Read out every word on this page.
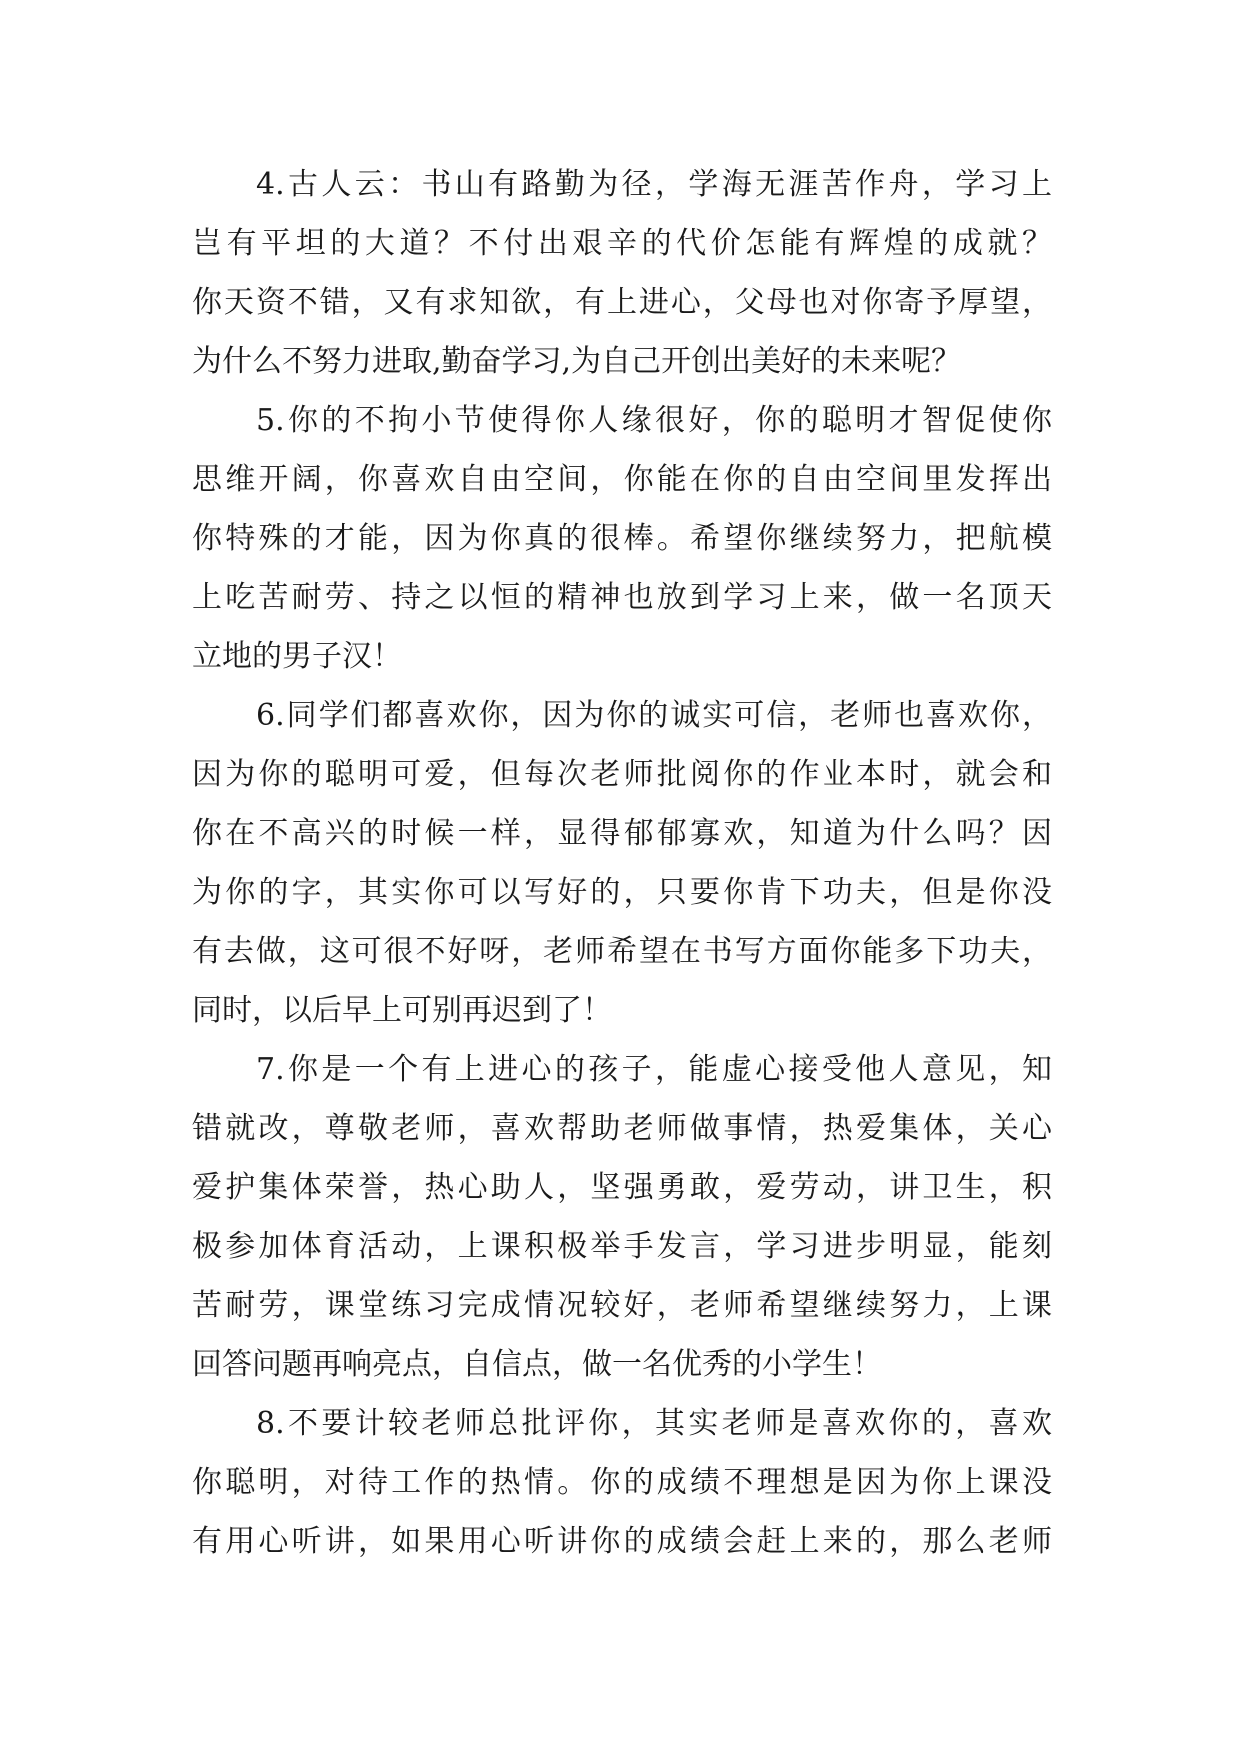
4.古人云：书山有路勤为径，学海无涯苦作舟，学习上
岂有平坦的大道？不付出艰辛的代价怎能有辉煌的成就？
你天资不错，又有求知欲，有上进心，父母也对你寄予厚望，
为什么不努力进取,勤奋学习,为自己开创出美好的未来呢？
5.你的不拘小节使得你人缘很好，你的聪明才智促使你
思维开阔，你喜欢自由空间，你能在你的自由空间里发挥出
你特殊的才能，因为你真的很棒。希望你继续努力，把航模
上吃苦耐劳、持之以恒的精神也放到学习上来，做一名顶天
立地的男子汉！
6.同学们都喜欢你，因为你的诚实可信，老师也喜欢你，
因为你的聪明可爱，但每次老师批阅你的作业本时，就会和
你在不高兴的时候一样，显得郁郁寡欢，知道为什么吗？因
为你的字，其实你可以写好的，只要你肯下功夫，但是你没
有去做，这可很不好呀，老师希望在书写方面你能多下功夫，
同时，以后早上可别再迟到了！
7.你是一个有上进心的孩子，能虚心接受他人意见，知
错就改，尊敬老师，喜欢帮助老师做事情，热爱集体，关心
爱护集体荣誉，热心助人，坚强勇敢，爱劳动，讲卫生，积
极参加体育活动，上课积极举手发言，学习进步明显，能刻
苦耐劳，课堂练习完成情况较好，老师希望继续努力，上课
回答问题再响亮点，自信点，做一名优秀的小学生！
8.不要计较老师总批评你，其实老师是喜欢你的，喜欢
你聪明，对待工作的热情。你的成绩不理想是因为你上课没
有用心听讲，如果用心听讲你的成绩会赶上来的，那么老师
